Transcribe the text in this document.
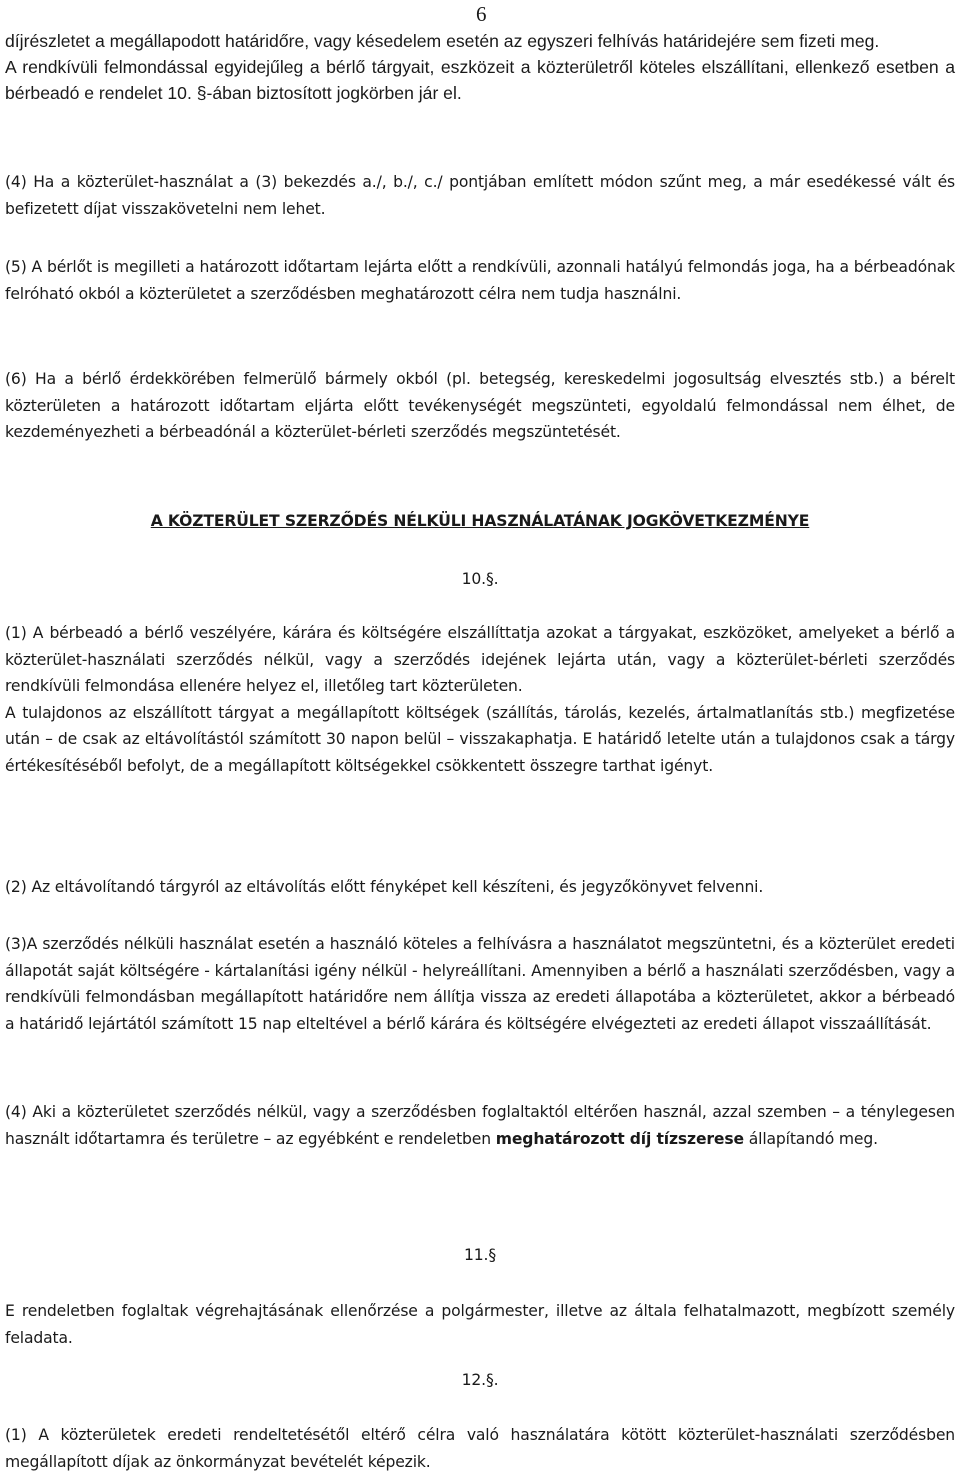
6

díjrészletet a megállapodott határidőre, vagy késedelem esetén az egyszeri felhívás határidejére sem fizeti meg.

A rendkívüli felmondással egyidejűleg a bérlő tárgyait, eszközeit a közterületről köteles elszállítani, ellenkező esetben a bérbeadó e rendelet 10. §-ában biztosított jogkörben jár el.

(4) Ha a közterület-használat a (3) bekezdés a./, b./, c./ pontjában említett módon szűnt meg, a már esedékessé vált és befizetett díjat visszakövetelni nem lehet.

(5) A bérlőt is megilleti a határozott időtartam lejárta előtt a rendkívüli, azonnali hatályú felmondás joga, ha a bérbeadónak felróható okból a közterületet a szerződésben meghatározott célra nem tudja használni.

(6) Ha a bérlő érdekkörében felmerülő bármely okból (pl. betegség, kereskedelmi jogosultság elvesztés stb.) a bérelt közterületen a határozott időtartam eljárta előtt tevékenységét megszünteti, egyoldalú felmondással nem élhet, de kezdeményezheti a bérbeadónál a közterület-bérleti szerződés megszüntetését.

A KÖZTERÜLET SZERZŐDÉS NÉLKÜLI HASZNÁLATÁNAK JOGKÖVETKEZMÉNYE

10.§.

(1) A bérbeadó a bérlő veszélyére, kárára és költségére elszállíttatja azokat a tárgyakat, eszközöket, amelyeket a bérlő a közterület-használati szerződés nélkül, vagy a szerződés idejének lejárta után, vagy a közterület-bérleti szerződés rendkívüli felmondása ellenére helyez el, illetőleg tart közterületen.

A tulajdonos az elszállított tárgyat a megállapított költségek (szállítás, tárolás, kezelés, ártalmatlanítás stb.) megfizetése után – de csak az eltávolítástól számított 30 napon belül – visszakaphatja. E határidő letelte után a tulajdonos csak a tárgy értékesítéséből befolyt, de a megállapított költségekkel csökkentett összegre tarthat igényt.

(2) Az eltávolítandó tárgyról az eltávolítás előtt fényképet kell készíteni, és jegyzőkönyvet felvenni.

(3)A szerződés nélküli használat esetén a használó köteles a felhívásra a használatot megszüntetni, és a közterület eredeti állapotát saját költségére - kártalanítási igény nélkül - helyreállítani. Amennyiben a bérlő a használati szerződésben, vagy a rendkívüli felmondásban megállapított határidőre nem állítja vissza az eredeti állapotába a közterületet, akkor a bérbeadó a határidő lejártától számított 15 nap elteltével a bérlő kárára és költségére elvégezteti az eredeti állapot visszaállítását.

(4) Aki a közterületet szerződés nélkül, vagy a szerződésben foglaltaktól eltérően használ, azzal szemben – a ténylegesen használt időtartamra és területre – az egyébként e rendeletben meghatározott díj tízszerese állapítandó meg.

11.§

E rendeletben foglaltak végrehajtásának ellenőrzése a polgármester, illetve az általa felhatalmazott, megbízott személy feladata.

12.§.

(1) A közterületek eredeti rendeltetésétől eltérő célra való használatára kötött közterület-használati szerződésben megállapított díjak az önkormányzat bevételét képezik.
